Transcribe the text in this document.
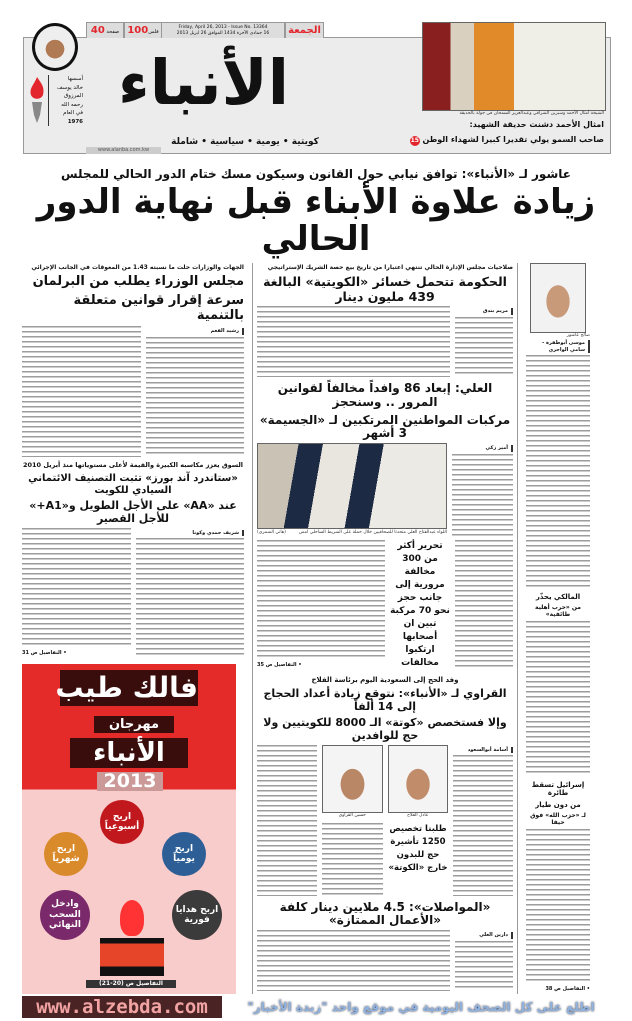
الجمعة
Friday, April 26, 2013 - Issue No. 13364
16 جمادى الآخرة 1434 الموافق 26 ابريل 2013
100فلس
40 صفحة
أسسها
خالد يوسف
المرزوق
رحمه الله
في العام
1976
الأنباء
كويتية • يومية • سياسية • شاملة
www.alanba.com.kw
الشيخة أمثال الأحمد وسيرين الشراقي وعبدالعزيز السمحان في جولة بالحديقة
امثال الأحمد دشنت حديقة الشهيد:
صاحب السمو يولي تقديرا كبيرا لشهداء الوطن 15
عاشور لـ «الأنباء»: توافق نيابي حول القانون وسيكون مسك ختام الدور الحالي للمجلس
زيادة علاوة الأبناء قبل نهاية الدور الحالي
الجهات والوزارات حلت ما نسبته 1.43 من المعوقات في الجانب الإجرائي
مجلس الوزراء يطلب من البرلمان
سرعة إقرار قوانين متعلقة بالتنمية
رشيد الفعم
السوق يعزز مكاسبه الكبيرة والقيمة لأعلى مستوياتها منذ أبريل 2010
«ستاندرد آند بورز» تثبت التصنيف الائتماني السيادي للكويت
عند «AA» على الأجل الطويل و«A1+» للأجل القصير
• التفاصيل ص 31
شريف حمدي وكونا
فالك طيب
مهرجان
الأنباء
2013
اربح أسبوعياً
اربح شهرياً
اربح يومياً
وادخل السحب النهائي
اربح هدايا فورية
التفاصيل ص (20-21)
صلاحيات مجلس الإدارة الحالي تنتهي اعتبارا من تاريخ بيع حصة الشريك الإستراتيجي
الحكومة تتحمل خسائر «الكويتية» البالغة 439 مليون دينار
مريم بندق
العلي: إبعاد 86 وافداً مخالفاً لقوانين المرور .. وسنحجز
مركبات المواطنين المرتكبين لـ «الجسيمة» 3 أشهر
(هاني الشمري)	اللواء عبدالفتاح العلي متحدثا للصحافيين خلال حملة على الشريط الساحلي امس
أمير زكي
• التفاصيل ص 35
تحرير أكثر من 300 مخالفة مرورية إلى جانب حجز نحو 70 مركبة تبين ان أصحابها ارتكبوا مخالفات
وفد الحج إلى السعودية اليوم برئاسة الفلاح
القراوي لـ «الأنباء»: نتوقع زيادة أعداد الحجاج إلى 14 ألفاً
وإلا فستخصص «كوتة» الـ 8000 للكويتيين ولا حج للوافدين
حسين القراوي	عادل الفلاح
طلبنا تخصيص 1250 تأشيرة حج للبدون خارج «الكوتة»
أسامة أبوالسعود
«المواصلات»: 4.5 ملايين دينار كلفة «الأعمال الممتازة»
دارين العلي
صالح عاشور
موسى أبوطفرة - سامي الواجري
المالكي يحذّر
من «حرب أهلية طائفية»
إسرائيل تسقط طائرة
من دون طيار
لـ «حزب الله» فوق حيفا
• التفاصيل ص 38
www.alzebda.com	اطلع على كل الصحف اليومية في موقع واحد "زبدة الأخبار"
